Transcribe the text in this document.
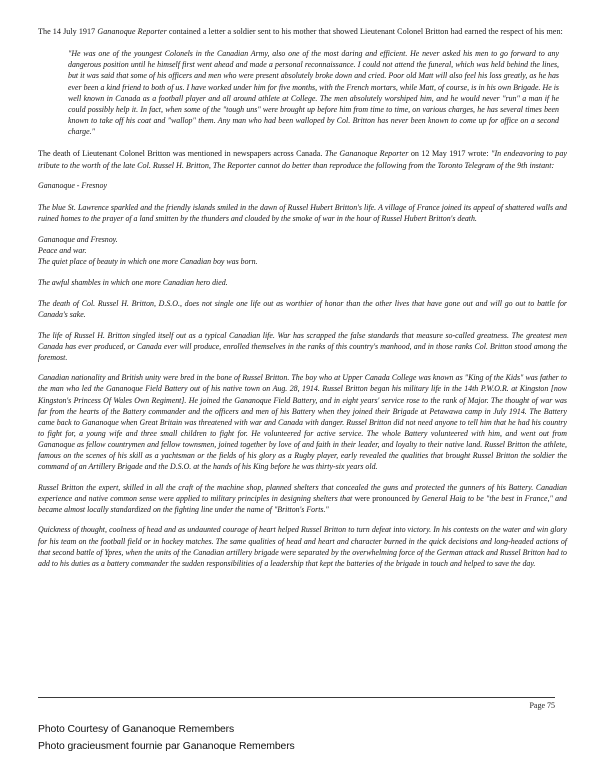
The 14 July 1917 Gananoque Reporter contained a letter a soldier sent to his mother that showed Lieutenant Colonel Britton had earned the respect of his men:

"He was one of the youngest Colonels in the Canadian Army, also one of the most daring and efficient. He never asked his men to go forward to any dangerous position until he himself first went ahead and made a personal reconnaissance. I could not attend the funeral, which was held behind the lines, but it was said that some of his officers and men who were present absolutely broke down and cried. Poor old Matt will also feel his loss greatly, as he has ever been a kind friend to both of us. I have worked under him for five months, with the French mortars, while Matt, of course, is in his own Brigade. He is well known in Canada as a football player and all around athlete at College. The men absolutely worshiped him, and he would never "run" a man if he could possibly help it. In fact, when some of the "tough uns" were brought up before him from time to time, on various charges, he has several times been known to take off his coat and "wallop" them. Any man who had been walloped by Col. Britton has never been known to come up for office on a second charge."

The death of Lieutenant Colonel Britton was mentioned in newspapers across Canada. The Gananoque Reporter on 12 May 1917 wrote: "In endeavoring to pay tribute to the worth of the late Col. Russel H. Britton, The Reporter cannot do better than reproduce the following from the Toronto Telegram of the 9th instant:

Gananoque - Fresnoy

The blue St. Lawrence sparkled and the friendly islands smiled in the dawn of Russel Hubert Britton's life. A village of France joined its appeal of shattered walls and ruined homes to the prayer of a land smitten by the thunders and clouded by the smoke of war in the hour of Russel Hubert Britton's death.

Gananoque and Fresnoy.
Peace and war.
The quiet place of beauty in which one more Canadian boy was born.

The awful shambles in which one more Canadian hero died.

The death of Col. Russel H. Britton, D.S.O., does not single one life out as worthier of honor than the other lives that have gone out and will go out to battle for Canada's sake.

The life of Russel H. Britton singled itself out as a typical Canadian life. War has scrapped the false standards that measure so-called greatness. The greatest men Canada has ever produced, or Canada ever will produce, enrolled themselves in the ranks of this country's manhood, and in those ranks Col. Britton stood among the foremost.

Canadian nationality and British unity were bred in the bone of Russel Britton. The boy who at Upper Canada College was known as "King of the Kids" was father to the man who led the Gananoque Field Battery out of his native town on Aug. 28, 1914. Russel Britton began his military life in the 14th P.W.O.R. at Kingston [now Kingston's Princess Of Wales Own Regiment]. He joined the Gananoque Field Battery, and in eight years' service rose to the rank of Major. The thought of war was far from the hearts of the Battery commander and the officers and men of his Battery when they joined their Brigade at Petawawa camp in July 1914. The Battery came back to Gananoque when Great Britain was threatened with war and Canada with danger. Russel Britton did not need anyone to tell him that he had his country to fight for, a young wife and three small children to fight for. He volunteered for active service. The whole Battery volunteered with him, and went out from Gananoque as fellow countrymen and fellow townsmen, joined together by love of and faith in their leader, and loyalty to their native land. Russel Britton the athlete, famous on the scenes of his skill as a yachtsman or the fields of his glory as a Rugby player, early revealed the qualities that brought Russel Britton the soldier the command of an Artillery Brigade and the D.S.O. at the hands of his King before he was thirty-six years old.

Russel Britton the expert, skilled in all the craft of the machine shop, planned shelters that concealed the guns and protected the gunners of his Battery. Canadian experience and native common sense were applied to military principles in designing shelters that were pronounced by General Haig to be "the best in France," and became almost locally standardized on the fighting line under the name of "Britton's Forts."

Quickness of thought, coolness of head and as undaunted courage of heart helped Russel Britton to turn defeat into victory. In his contests on the water and win glory for his team on the football field or in hockey matches. The same qualities of head and heart and character burned in the quick decisions and long-headed actions of that second battle of Ypres, when the units of the Canadian artillery brigade were separated by the overwhelming force of the German attack and Russel Britton had to add to his duties as a battery commander the sudden responsibilities of a leadership that kept the batteries of the brigade in touch and helped to save the day.

Page 75
Photo Courtesy of Gananoque Remembers
Photo gracieusment fournie par Gananoque Remembers
